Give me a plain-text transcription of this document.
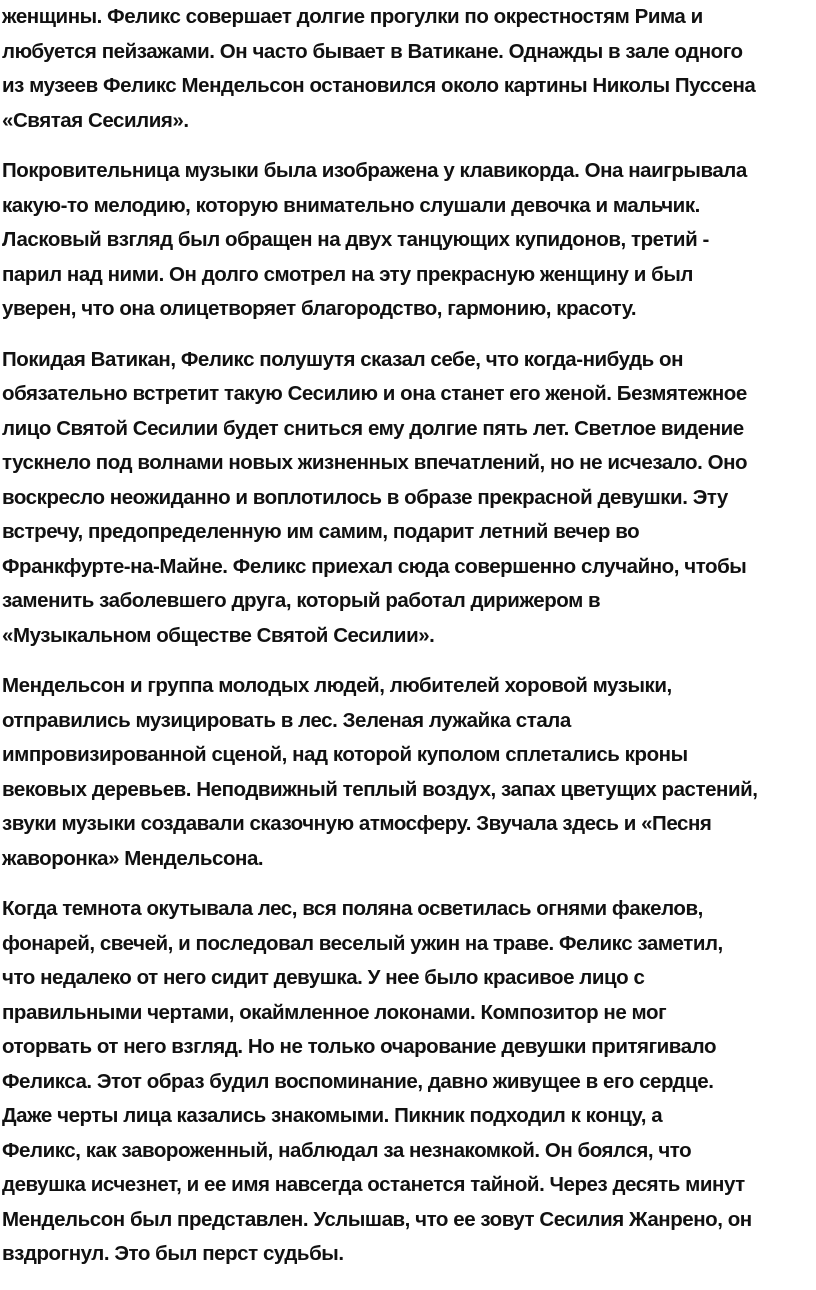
женщины. Феликс совершает долгие прогулки по окрестностям Рима и
любуется пейзажами. Он часто бывает в Ватикане. Однажды в зале одного
из музеев Феликс Мендельсон остановился около картины Николы Пуссена
«Святая Сесилия».
Покровительница музыки была изображена у клавикорда. Она наигрывала
какую-то мелодию, которую внимательно слушали девочка и мальчик.
Ласковый взгляд был обращен на двух танцующих купидонов, третий -
парил над ними. Он долго смотрел на эту прекрасную женщину и был
уверен, что она олицетворяет благородство, гармонию, красоту.
Покидая Ватикан, Феликс полушутя сказал себе, что когда-нибудь он
обязательно встретит такую Сесилию и она станет его женой. Безмятежное
лицо Святой Сесилии будет сниться ему долгие пять лет. Светлое видение
тускнело под волнами новых жизненных впечатлений, но не исчезало. Оно
воскресло неожиданно и воплотилось в образе прекрасной девушки. Эту
встречу, предопределенную им самим, подарит летний вечер во
Франкфурте-на-Майне. Феликс приехал сюда совершенно случайно, чтобы
заменить заболевшего друга, который работал дирижером в
«Музыкальном обществе Святой Сесилии».
Мендельсон и группа молодых людей, любителей хоровой музыки,
отправились музицировать в лес. Зеленая лужайка стала
импровизированной сценой, над которой куполом сплетались кроны
вековых деревьев. Неподвижный теплый воздух, запах цветущих растений,
звуки музыки создавали сказочную атмосферу. Звучала здесь и «Песня
жаворонка» Мендельсона.
Когда темнота окутывала лес, вся поляна осветилась огнями факелов,
фонарей, свечей, и последовал веселый ужин на траве. Феликс заметил,
что недалеко от него сидит девушка. У нее было красивое лицо с
правильными чертами, окаймленное локонами. Композитор не мог
оторвать от него взгляд. Но не только очарование девушки притягивало
Феликса. Этот образ будил воспоминание, давно живущее в его сердце.
Даже черты лица казались знакомыми. Пикник подходил к концу, а
Феликс, как завороженный, наблюдал за незнакомкой. Он боялся, что
девушка исчезнет, и ее имя навсегда останется тайной. Через десять минут
Мендельсон был представлен. Услышав, что ее зовут Сесилия Жанрено, он
вздрогнул. Это был перст судьбы.
